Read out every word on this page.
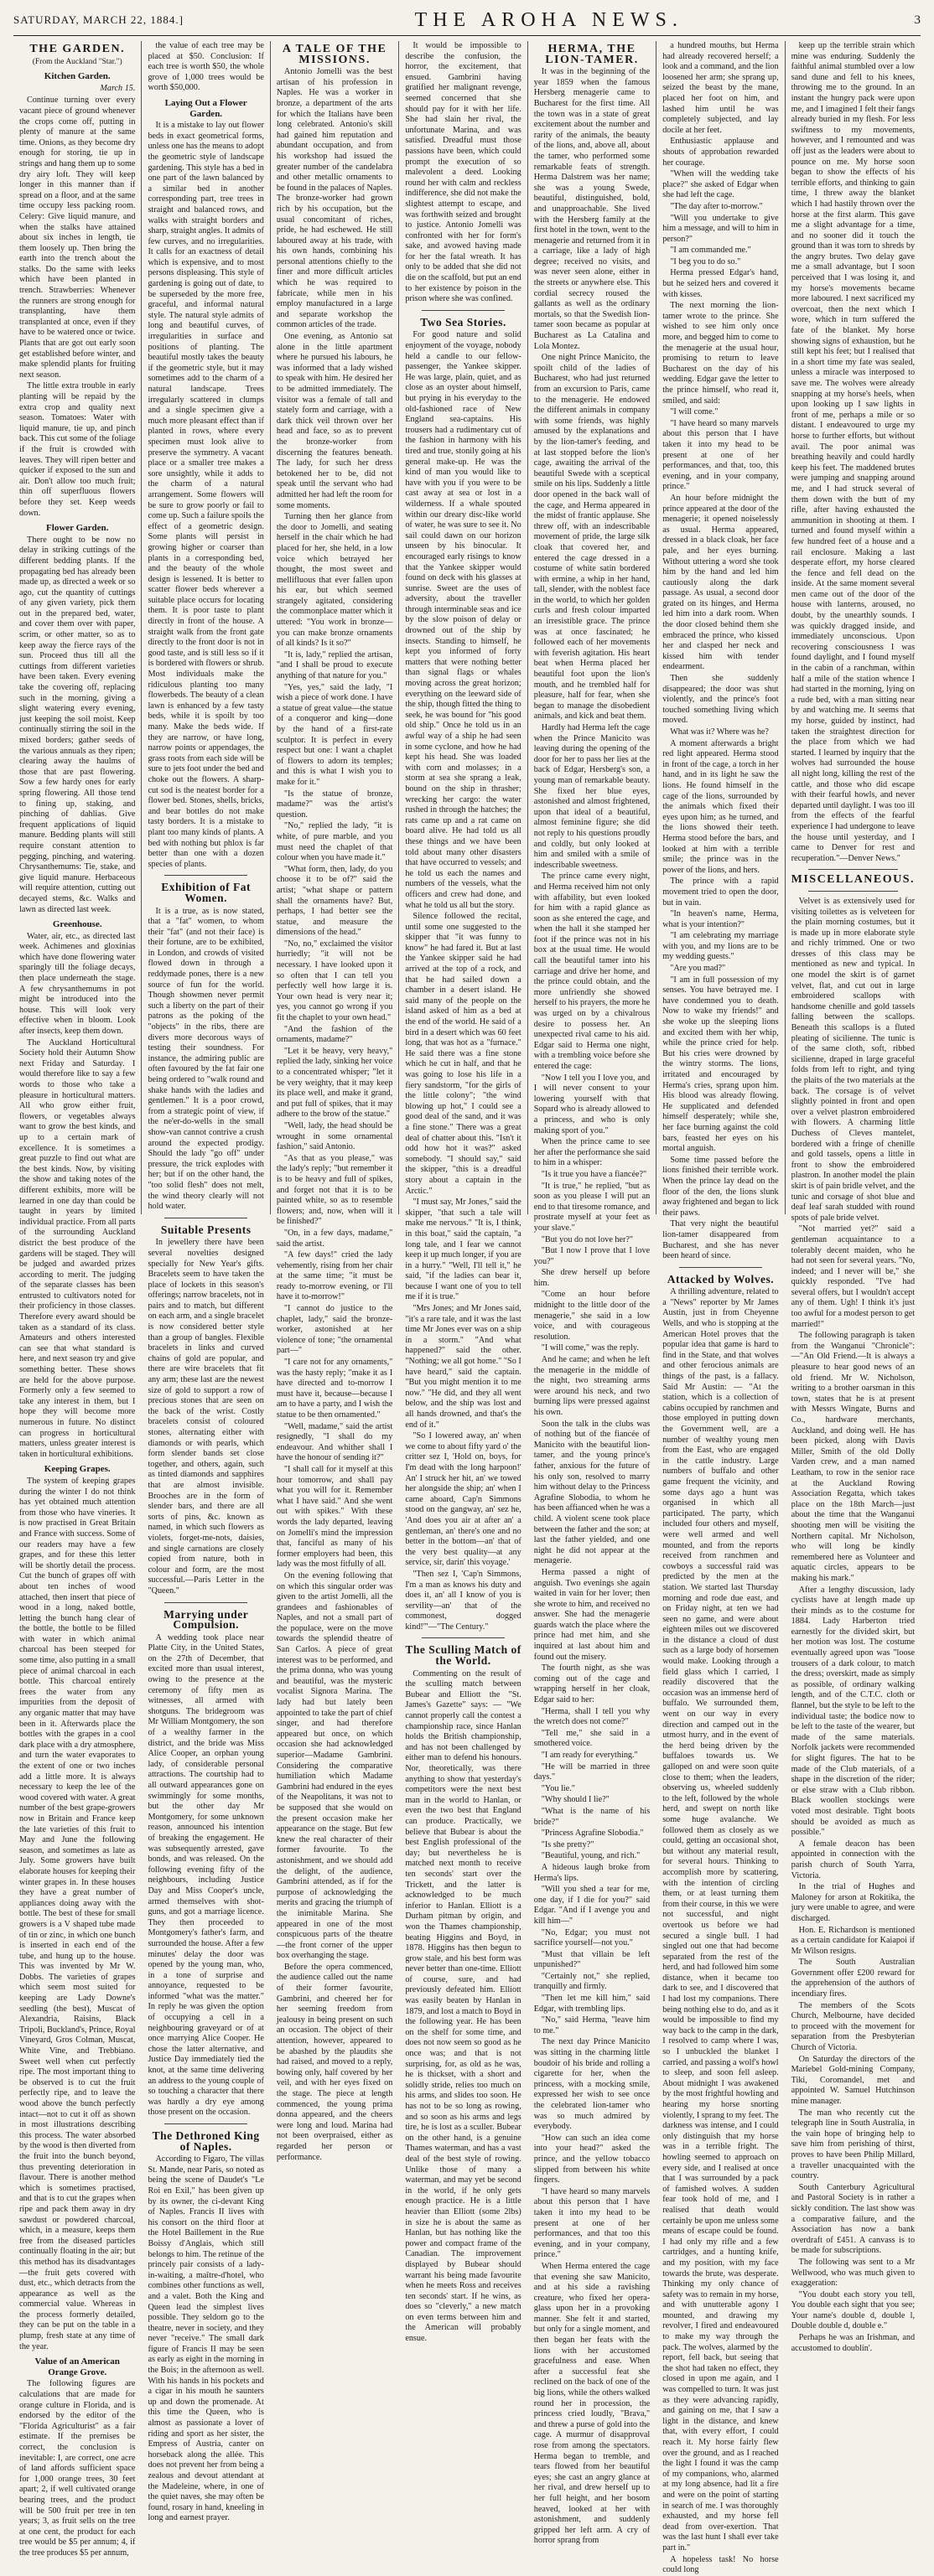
SATURDAY, MARCH 22, 1884.]	THE AROHA NEWS.	3
THE GARDEN.
(From the Auckland "Star.")
Kitchen Garden.
March 15.

Continue turning over every vacant piece of ground whenever the crops come off, putting in plenty of manure at the same time. Onions, as they become dry enough for storing, tie up in strings and hang them up to some dry airy loft. They will keep longer in this manner than if spread on a floor, and at the same time occupy less packing room. Celery: Give liquid manure, and when the stalks have attained about six inches in length, tie them loosely up. Then bring the earth into the trench about the stalks. Do the same with leeks which have been planted in trench. Strawberries: Whenever the runners are strong enough for transplanting, have them transplanted at once, even if they have to be watered once or twice. Plants that are got out early soon get established before winter, and make splendid plants for fruiting next season.

The little extra trouble in early planting will be repaid by the extra crop and quality next season. Tomatoes: Water with liquid manure, tie up, and pinch back. This cut some of the foliage if the fruit is crowded with leaves. They will ripen better and quicker if exposed to the sun and air. Don't allow too much fruit; thin off superfluous flowers before they set. Keep weeds down.

Flower Garden.

There ought to be now no delay in striking cuttings of the different bedding plants. If the propagating bed has already been made up, as directed a week or so ago, cut the quantity of cuttings of any given variety, pick them out in the prepared bed, water, and cover them over with paper, scrim, or other matter, so as to keep away the fierce rays of the sun. Proceed thus till all the cuttings from different varieties have been taken. Every evening take the covering off, replacing such in the morning, giving a slight watering every evening, just keeping the soil moist. Keep continually stirring the soil in the mixed borders; gather seeds of the various annuals as they ripen; clearing away the haulms of those that are past flowering. Sow a few hardy ones for early spring flowering. All those tend to fining up, staking, and pinching of dahlias. Give frequent applications of liquid manure. Bedding plants will still require constant attention to pegging, pinching, and watering. Chrysanthemums: Tie, stake, and give liquid manure. Herbaceous will require attention, cutting out decayed stems, &c. Walks and lawn as directed last week.

Greenhouse.

Water, air, etc., as directed last week. Achimenes and gloxinias which have done flowering water sparingly till the foliage decays, then place underneath the stage. A few chrysanthemums in pot might be introduced into the house. This will look very effective when in bloom. Look after insects, keep them down.

The Auckland Horticultural Society hold their Autumn Show next Friday and Saturday. I would therefore like to say a few words to those who take a pleasure in horticultural matters. All who grow either fruit, flowers, or vegetables always want to grow the best kinds, and up to a certain mark of excellence. It is sometimes a great puzzle to find out what are the best kinds. Now, by visiting the show and taking notes of the different exhibits, more will be learned in one day than could be taught in years by limited individual practice. From all parts of the surrounding Auckland district the best produce of the gardens will be staged. They will be judged and awarded prizes according to merit. The judging of the separate classes has been entrusted to cultivators noted for their proficiency in those classes. Therefore every award should be taken as a standard of its class. Amateurs and others interested can see that what standard is here, and next season try and give something better. These shows are held for the above purpose. Formerly only a few seemed to take any interest in them, but I hope they will become more numerous in future. No distinct can progress in horticultural matters, unless greater interest is taken in horticultural exhibitions.

Keeping Grapes.

The system of keeping grapes during the winter I do not think has yet obtained much attention from those who have vineries. It is now practised in Great Britain and France with success. Some of our readers may have a few grapes, and for these this letter will be shortly detail the process. Cut the bunch of grapes off with about ten inches of wood attached, then insert that piece of wood in a long, naked bottle, letting the bunch hang clear of the bottle, the bottle to be filled with water in which animal charcoal has been steeped for some time, also putting in a small piece of animal charcoal in each bottle. This charcoal entirely frees the water from any impurities from the deposit of any organic matter that may have been in it. Afterwards place the bottles with the grapes in a cool dark place with a dry atmosphere, and turn the water evaporates to the extent of one or two inches add a little more. It is always necessary to keep the lee of the wood covered with water. A great number of the best grape-growers now in Britain and France keep the late varieties of this fruit to May and June the following season, and sometimes as late as July. Some growers have built elaborate houses for keeping their winter grapes in. In these houses they have a great number of appliances doing away with the bottle. The best of these for small growers is a V shaped tube made of tin or zinc, in which one bunch is inserted in each end of the tube, and hung up to the house. This was invented by Mr W. Dobbs. The varieties of grapes which seem most suited for keeping are Lady Downe's seedling (the best), Muscat of Alexandria, Raisins, Black Tripoli, Buckland's, Prince, Royal Vineyard, Gros Colman, Muscat, White Vine, and Trebbiano. Sweet well when cut perfectly ripe. The most important thing to be observed is to cut the fruit perfectly ripe, and to leave the wood above the bunch perfectly intact—not to cut it off as shown in most illustrations describing this process. The water absorbed by the wood is then diverted from the fruit into the bunch beyond, thus preventing deterioration in flavour. There is another method which is sometimes practised, and that is to cut the grapes when ripe and pack them away in dry sawdust or powdered charcoal, which, in a measure, keeps them free from the diseased particles continually floating in the air; but this method has its disadvantages—the fruit gets covered with dust, etc., which detracts from the appearance as well as the commercial value. Whereas in the process formerly detailed, they can be put on the table in a plump, fresh state at any time of the year.

Value of an American Orange Grove.

The following figures are calculations that are made for orange culture in Florida, and is endorsed by the editor of the "Florida Agriculturist" as a fair estimate. If the premises be correct, the conclusion is inevitable: I, are correct, one acre of land affords sufficient space for 1,000 orange trees, 30 feet apart; 2, if well cultivated orange bearing trees, and the product will be 500 fruit per tree in ten years; 3, as fruit sells on the tree at one cent, the product for each tree would be $5 per annum; 4, if the tree produces $5 per annum,

the value of each tree may be placed at $50. Conclusion: If each tree is worth $50, the whole grove of 1,000 trees would be worth $50,000.

Laying Out a Flower Garden.

It is a mistake to lay out flower beds in exact geometrical forms, unless one has the means to adopt the geometric style of landscape gardening. This style has a bed in one part of the lawn balanced by a similar bed in another corresponding part, tree trees in straight and balanced rows, and walks with straight borders and sharp, straight angles. It admits of few curves, and no irregularities. It calls for an exactness of detail which is expensive, and to most persons displeasing. This style of gardening is going out of date, to be superseded by the more free, graceful, and informal natural style. The natural style admits of long and beautiful curves, of irregularities in surface and positions of planting. The beautiful mostly takes the beauty if the geometric style, but it may sometimes add to the charm of a natural landscape. Trees irregularly scattered in clumps and a single specimen give a much more pleasant effect than if planted in rows, where every specimen must look alive to preserve the symmetry. A vacant place or a smaller tree makes a sore unsightly, while it adds to the charm of a natural arrangement. Some flowers will be sure to grow poorly or fail to come up. Such a failure spoils the effect of a geometric design. Some plants will persist in growing higher or coarser than plants in a corresponding bed, and the beauty of the whole design is lessened. It is better to scatter flower beds wherever a suitable place occurs for locating them. It is poor taste to plant directly in front of the house. A straight walk from the front gate directly to the front door is not in good taste, and is still less so if it is bordered with flowers or shrub. Most individuals make the ridiculous planting too many flowerbeds. The beauty of a clean lawn is enhanced by a few tasty beds, while it is spoilt by too many. Make the beds wide. If they are narrow, or have long, narrow points or appendages, the grass roots from each side will be sure to jets foot under the bed and choke out the flowers. A sharp-cut sod is the neatest border for a flower bed. Stones, shells, bricks, and bear bottles do not make tasty borders. It is a mistake to plant too many kinds of plants. A bed with nothing but phlox is far better than one with a dozen species of plants.

Exhibition of Fat Women.

It is a true, as is now stated, that a "fat" women, to whom their "fat" (and not their face) is their fortune, are to be exhibited, in London, and crowds of visited flowed down in through a reddymade pones, there is a new source of fun for the world. Though showmen never permit such a liberty on the part of their patrons as the poking of the "objects" in the ribs, there are divers more decorous ways of testing their soundness. For instance, the admiring public are often favoured by the fat fair one being ordered to "walk round and shake hands with the ladies and gentlemen." It is a poor crowd, from a strategic point of view, if the ne'er-do-wells in the small show-van cannot contrive a crush around the expected prodigy. Should the lady "go off" under pressure, the trick explodes with her; but if on the other hand, the "too solid flesh" does not melt, the wind theory clearly will not hold water.

Suitable Presents

In jewellery there have been several novelties designed specially for New Year's gifts. Bracelets seem to have taken the place of lockets in this season's offerings; narrow bracelets, not in pairs and to match, but different on each arm, and a single bracelet is now considered better style than a group of bangles. Flexible bracelets in links and curved chains of gold are popular, and there are wire bracelets that fit any arm; these last are the newest size of gold to support a row of precious stones that are seen on the back of the wrist. Costly bracelets consist of coloured stones, alternating either with diamonds or with pearls, which form slender bands set close together, and others, again, such as tinted diamonds and sapphires that are almost invisible. Brooches are in the form of slender bars, and there are all sorts of pins, &c. known as named, in which such flowers as violets, forget-me-nots, daisies, and single carnations are closely copied from nature, both in colour and form, are the most successful.—Paris Letter in the "Queen."

Marrying under Compulsion.

A wedding took place near Platte City, in the United States, on the 27th of December, that excited more than usual interest, owing to the presence at the ceremony of fifty men as witnesses, all armed with shotguns. The bridegroom was Mr William Montgomery, the son of a wealthy farmer in the district, and the bride was Miss Alice Cooper, an orphan young lady, of considerable personal attractions. The courtship had to all outward appearances gone on swimmingly for some months, but the other day Mr Montgomery, for some unknown reason, announced his intention of breaking the engagement. He was subsequently arrested, gave bonds, and was released. On the following evening fifty of the neighbours, including Justice Day and Miss Cooper's uncle, armed themselves with shot-guns, and got a marriage licence. They then proceeded to Montgomery's father's farm, and surrounded the house. After a few minutes' delay the door was opened by the young man, who, in a tone of surprise and annoyance, requested to be informed "what was the matter." In reply he was given the option of occupying a cell in a neighbouring graveyard or of at once marrying Alice Cooper. He chose the latter alternative, and Justice Day immediately tied the knot, at the same time delivering an address to the young couple of so touching a character that there was hardly a dry eye among those present on the occasion.

The Dethroned King of Naples.

According to Figaro, The villas St. Mande, near Paris, so noted as being the scene of Daudet's "Le Roi en Exil," has been given up by its owner, the ci-devant King of Naples. Francis II lives with his consort on the third floor at the Hotel Baillement in the Rue Boissy d'Anglais, which still belongs to him. The retinue of the princely pair consists of a lady-in-waiting, a maître-d'hotel, who combines other functions as well, and a valet. Both the King and Queen lead the simplest lives possible. They seldom go to the theatre, never in society, and they never "receive." The small dark figure of Francis II may be seen as early as eight in the morning in the Bois; in the afternoon as well. With his hands in his pockets and a cigar in his mouth he saunters up and down the promenade. At this time the Queen, who is almost as passionate a lover of riding and sport as her sister, the Empress of Austria, canter on horseback along the allée. This does not prevent her from being a zealous and devout attendant at the Madeleine, where, in one of the quiet naves, she may often be found, rosary in hand, kneeling in long and earnest prayer.

A TALE OF THE MISSIONS.

Antonio Jomelli was the best artisan of his profession in Naples. He was a worker in bronze, a department of the arts for which the Italians have been long celebrated. Antonio's skill had gained him reputation and abundant occupation, and from his workshop had issued the greater number of the candelabra and other metallic ornaments to be found in the palaces of Naples. The bronze-worker had grown rich by his occupation, but the usual concomitant of riches, pride, he had eschewed. He still laboured away at his trade, with his own hands, combining his personal attentions chiefly to the finer and more difficult articles which he was required to fabricate, while men in his employ manufactured in a large and separate workshop the common articles of the trade.

One evening, as Antonio sat alone in the little apartment where he pursued his labours, he was informed that a lady wished to speak with him. He desired her to be admitted immediately. The visitor was a female of tall and stately form and carriage, with a dark thick veil thrown over her head and face, so as to prevent the bronze-worker from discerning the features beneath. The lady, for such her dress betokened her to be, did not speak until the servant who had admitted her had left the room for some moments.

Turning then her glance from the door to Jomelli, and seating herself in the chair which he had placed for her, she held, in a low voice which betrayed her thought, the most sweet and mellifluous that ever fallen upon his ear, but which seemed strangely agitated, considering the commonplace matter which it uttered: "You work in bronze—you can make bronze ornaments of all kinds? Is it so?"

"It is, lady," replied the artisan, "and I shall be proud to execute anything of that nature for you."

"Yes, yes," said the lady, "I wish a piece of work done. I have a statue of great value—the statue of a conqueror and king—done by the hand of a first-rate sculptor. It is perfect in every respect but one: I want a chaplet of flowers to adorn its temples; and this is what I wish you to make for it."

"Is the statue of bronze, madame?" was the artist's question.

"No," replied the lady, "it is white, of pure marble, and you must need the chaplet of that colour when you have made it."

"What form, then, lady, do you choose it to be of?" said the artist; "what shape or pattern shall the ornaments have? But, perhaps, I had better see the statue, and measure the dimensions of the head."

"No, no," exclaimed the visitor hurriedly; "it will not be necessary. I have looked upon it so often that I can tell you perfectly well how large it is. Your own head is very near it; yes, you cannot go wrong if you fit the chaplet to your own head."

"And the fashion of the ornaments, madame?"

"Let it be heavy, very heavy," replied the lady, sinking her voice to a concentrated whisper; "let it be very weighty, that it may keep its place well, and make it grand, and put full of spikes, that it may adhere to the brow of the statue."

"Well, lady, the head should be wrought in some ornamental fashion," said Antonio.

"As that as you please," was the lady's reply; "but remember it is to be heavy and full of spikes, and forget not that it is to be painted white, so as to resemble flowers; and, now, when will it be finished?"

"On, in a few days, madame," said the artist.

"A few days!" cried the lady vehemently, rising from her chair at the same time; "it must be ready to-morrow evening, or I'll have it to-morrow!"

"I cannot do justice to the chaplet, lady," said the bronze-worker, astonished at her violence of tone; "the ornamental part—"

"I care not for any ornaments," was the hasty reply; "make it as I have directed and to-morrow I must have it, because—because I am to have a party, and I wish the statue to be then ornamented."

"Well, madame," said the artist resignedly, "I shall do my endeavour. And whither shall I have the honour of sending it?"

"I shall call for it myself at this hour tomorrow, and shall pay what you will for it. Remember what I have said." And she went out with spikes." With these words the lady departed, leaving on Jomelli's mind the impression that, fanciful as many of his former employers had been, this lady was the most fitfully of all.

On the evening following that on which this singular order was given to the artist Jomelli, all the grandees and fashionables of Naples, and not a small part of the populace, were on the move towards the splendid theatre of San Carlos. A piece of great interest was to be performed, and the prima donna, who was young and beautiful, was the mysteric vocalist Signora Marina. The lady had but lately been appointed to take the part of chief singer, and had therefore appeared but once, on which occasion she had acknowledged superior—Madame Gambrini. Considering the comparative humiliation which Madame Gambrini had endured in the eyes of the Neapolitans, it was not to be supposed that she would on the present occasion make her appearance on the stage. But few knew the real character of their former favourite. To the astonishment, and we should add the delight, of the audience, Gambrini attended, as if for the purpose of acknowledging the merits and gracing the triumph of the inimitable Marina. She appeared in one of the most conspicuous parts of the theatre—the front corner of the upper box overhanging the stage.

Before the opera commenced, the audience called out the name of their former favourite, Gambrini, and cheered her for her seeming freedom from jealousy in being present on such an occasion. The object of their attention, however, appeared to be abashed by the plaudits she had raised, and moved to a reply, bowing only, half covered by her veil, and with her eyes fixed on the stage. The piece at length commenced, the young prima donna appeared, and the cheers were long and loud. Marina had not been overpraised, either as regarded her person or performance.

It would be impossible to describe the confusion, the horror, the excitement, that ensued. Gambrini having gratified her malignant revenge, seemed concerned that she should pay for it with her life. She had slain her rival, the unfortunate Marina, and was satisfied. Dreadful must those passions have been, which could prompt the execution of so malevolent a deed. Looking round her with calm and reckless indifference, she did not make the slightest attempt to escape, and was forthwith seized and brought to justice. Antonio Jomelli was confronted with her for form's sake, and avowed having made for her the fatal wreath. It has only to be added that she did not die on the scaffold, but put an end to her existence by poison in the prison where she was confined.

Two Sea Stories.

For good nature and solid enjoyment of the voyage, nobody held a candle to our fellow-passenger, the Yankee skipper. He was large, plain, quiet, and as close as an oyster about himself, but prying in his everyday to the old-fashioned race of New England sea-captains. His trousers had a rudimentary cut of the fashion in harmony with his tired and true, stonily going at his general make-up. He was the kind of man you would like to have with you if you were to be cast away at sea or lost in a wilderness. If a whale spouted within our dreary disc-like world of water, he was sure to see it. No sail could dawn on our horizon unseen by his binocular. It encouraged early risings to know that the Yankee skipper would found on deck with his glasses at sunrise. Sweet are the uses of adversity, about the traveller through interminable seas and ice by the slow poison of delay or drowned out of the ship by insects. Standing to himself, he kept you informed of forty matters that were nothing better than signal flags or whales moving across the great horizon; everything on the leeward side of the ship, though fitted the thing to seek, he was bound for "his good old ship." Once he told us in an awful way of a ship he had seen in some cyclone, and how he had kept his head. She was loaded with corn and molasses; in a storm at sea she sprang a leak, bound on the ship in thrasher; wrecking her cargo: the water rushed in through the hatches; the rats came up and a rat came on board alive. He had told us all these things and we have been told about many other disasters that have occurred to vessels; and he told us each the names and numbers of the vessels, what the officers and crew had done, and what he told us all but the story.

Silence followed the recital, until some one suggested to the skipper that "it was funny to know" he had fared it. But at last the Yankee skipper said he had arrived at the top of a rock, and that he had sailed down a chamber in a desert island. He said many of the people on the island asked of him as a bed at the end of the world. He said of a bird in a desert which was 60 feet long, that was hot as a "furnace." He said there was a fine stone which he cut in half, and that he was going to lose his life in a fiery sandstorm, "for the girls of the little colony"; "the wind blowing up hot," I could see a good deal of the sand, and it was a fine stone." There was a great deal of chatter about this. "Isn't it odd how hot it was?" asked somebody. "I should say," said the skipper, "this is a dreadful story about a captain in the Arctic."

"I must say, Mr Jones," said the skipper, "that such a tale will make me nervous." "It is, I think, in this boat," said the captain, "a long tale, and I fear we cannot keep it up much longer, if you are in a hurry." "Well, I'll tell it," he said, "if the ladies can bear it, because I want one of you to tell me if it is true."

"Mrs Jones; and Mr Jones said, "it's a rare tale, and it was the last time Mr Jones ever was on a ship in a storm." "And what happened?" said the other. "Nothing; we all got home." "So I have heard," said the captain. "But you might mention it to me now." "He did, and they all went below, and the ship was lost and all hands drowned, and that's the end of it."

"So I lowered away, an' when we come to about fifty yard o' the critter sez I, 'Hold on, boys, for I'm dead with the long harpoon!' An' I struck her hit, an' we towed her alongside the ship; an' when I came aboard, Cap'n Simmons stood on the gangway, an' sez he, 'And does you air at after an' a gentleman, an' there's one and no better in the bottom—an' that of the very best quality—at any service, sir, darin' this voyage.'

"Then sez I, 'Cap'n Simmons, I'm a man as knows his duty and does it, an' all I know of you is servility—an' that of the commonest, dogged kind!'"—"The Century."

The Sculling Match of the World.

Commenting on the result of the sculling match between Bubear and Elliott the "St. James's Gazette" says: — "We cannot properly call the contest a championship race, since Hanlan holds the British championship, and has not been challenged by either man to defend his honours. Nor, theoretically, was there anything to show that yesterday's competitors were the next best man in the world to Hanlan, or even the two best that England can produce. Practically, we believe that Bubear is about the best English professional of the day; but nevertheless he is matched next month to receive ten seconds' start over the Trickett, and the latter is acknowledged to be much inferior to Hanlan. Elliott is a Durham pitman by origin, and won the Thames championship, beating Higgins and Boyd, in 1878. Higgins has then begun to grow stale, and his best form was never better than one-time. Elliott of course, sure, and had previously defeated him. Elliott was easily beaten by Hanlan in 1879, and lost a match to Boyd in the following year. He has been on the shelf for some time, and does not now seem so good as he once was; and that is not surprising, for, as old as he was, he is thickset, with a short and solidly stride, relies too much on his arms, and slides too soon. He has not to be so long as rowing, and so soon as his arms and legs tire, he is lost as a sculler. Bubear on the other hand, is a genuine Thames waterman, and has a vast deal of the best style of rowing. Unlike those of many a waterman, and may yet be second in the world, if he only gets enough practice. He is a little heavier than Elliott (some 2lbs) in size he is about the same as Hanlan, but has nothing like the power and compact frame of the Canadian. The improvement displayed by Bubear should warrant his being made favourite when he meets Ross and receives ten seconds' start. If he wins, as does so "cleverly," a new match on even terms between him and the American will probably ensue.

HERMA, THE LION-TAMER.

It was in the beginning of the year 1859 when the famous Hersberg menagerie came to Bucharest for the first time. All the town was in a state of great excitement about the number and rarity of the animals, the beauty of the lions, and, above all, about the tamer, who performed some remarkable feats of strength. Herma Dalstrem was her name; she was a young Swede, beautiful, distinguished, bold, and unapproachable. She lived with the Hersberg family at the first hotel in the town, went to the menagerie and returned from it in a carriage, like a lady of high degree; received no visits, and was never seen alone, either in the streets or anywhere else. This cordial secrecy roused the gallants as well as the ordinary mortals, so that the Swedish lion-tamer soon became as popular at Bucharest as La Catalina and Lola Montez.

One night Prince Manicito, the spoilt child of the ladies of Bucharest, who had just returned from an excursion to Paris, came to the menagerie. He endowed the different animals in company with some friends, was highly amused by the explanations and by the lion-tamer's feeding, and at last stopped before the lion's cage, awaiting the arrival of the beautiful Swede with a sceptical smile on his lips. Suddenly a little door opened in the back wall of the cage, and Herma appeared in the midst of frantic applause. She threw off, with an indescribable movement of pride, the large silk cloak that covered her, and entered the cage dressed in a costume of white satin bordered with ermine, a whip in her hand, tall, slender, with the noblest face in the world, to which her golden curls and fresh colour imparted an irresistible grace. The prince was at once fascinated; he followed each of her movements with feverish agitation. His heart beat when Herma placed her beautiful foot upon the lion's mouth, and he trembled half for pleasure, half for fear, when she began to manage the disobedient animals, and kick and beat them.

Hardly had Herma left the cage when the Prince Manicito was leaving during the opening of the door for her to pass her lies at the back of Edgar, Hersberg's son, a young man of remarkable beauty. She fixed her blue eyes, astonished and almost frightened, upon that ideal of a beautiful, almost feminine figure; she did not reply to his questions proudly and coldly, but only looked at him and smiled with a smile of indescribable sweetness.

The prince came every night, and Herma received him not only with affability, but even looked for him with a rapid glance as soon as she entered the cage, and when the hall it she stamped her foot if the prince was not in his box at the usual time. He would call the beautiful tamer into his carriage and drive her home, and the prince could obtain, and the more unfriendly she showed herself to his prayers, the more he was urged on by a chivalrous desire to possess her. An unexpected rival came to his aid. Edgar said to Herma one night, with a trembling voice before she entered the cage:

"Now I tell you I love you, and I will never consent to your lowering yourself with that Sopard who is already allowed to a princess, and who is only making sport of you."

When the prince came to see her after the performance she said to him in a whisper:

"Is it true you have a fiancée?"

"It is true," he replied, "but as soon as you please I will put an end to that tiresome romance, and prostrate myself at your feet as your slave."

"But you do not love her?"

"But I now I prove that I love you?"

She drew herself up before him.

"Come an hour before midnight to the little door of the menagerie," she said in a low voice, and with courageous resolution.

"I will come," was the reply.

And he came; and when he left the menagerie in the middle of the night, two streaming arms were around his neck, and two burning lips were pressed against his own.

Soon the talk in the clubs was of nothing but of the fiancée of Manicito with the beautiful lion-tamer, and the young prince's father, anxious for the future of his only son, resolved to marry him without delay to the Princess Agrafine Slobodia, to whom he has been affianced when he was a child. A violent scene took place between the father and the son; at last the father yielded, and one night he did not appear at the menagerie.

Herma passed a night of anguish. Two evenings she again waited in vain for her lover; then she wrote to him, and received no answer. She had the menagerie guards watch the place where the prince had met him, and she inquired at last about him and found out the misery.

The fourth night, as she was coming out of the cage and wrapping herself in her cloak, Edgar said to her:

"Herma, shall I tell you why the wretch does not come?"

"Tell me," she said in a smothered voice.

"I am ready for everything."

"He will be married in three days."

"You lie."

"Why should I lie?"

"What is the name of his bride?"

"Princess Agrafine Slobodia."

"Is she pretty?"

"Beautiful, young, and rich."

A hideous laugh broke from Herma's lips.

"Will you shed a tear for me, one day, if I die for you?" said Edgar. "And if I avenge you and kill him—"

"No, Edgar; you must not sacrifice yourself—not you."

"Must that villain be left unpunished?"

"Certainly not," she replied, tranquilly and firmly.

"Then let me kill him," said Edgar, with trembling lips.

"No," said Herma, "leave him to me."

The next day Prince Manicito was sitting in the charming little boudoir of his bride and rolling a cigarette for her, when the princess, with a mocking smile, expressed her wish to see once the celebrated lion-tamer who was so much admired by everybody.

"How can such an idea come into your head?" asked the prince, and the yellow tobacco slipped from between his white fingers.

"I have heard so many marvels about this person that I have taken it into my head to be present at one of her performances, and that too this evening, and in your company, prince."

When Herma entered the cage that evening she saw Manicito, and at his side a ravishing creature, who fixed her opera-glass upon her in a provoking manner. She felt it and started, but only for a single moment, and then began her feats with the lions with her accustomed gracefulness and ease. When after a successful feat she reclined on the back of one of the big lions, while the others walked round her in procession, the princess cried loudly, "Brava," and threw a purse of gold into the cage. A murmur of disapproval rose from among the spectators. Herma began to tremble, and tears flowed from her beautiful eyes; she cast an angry glance at her rival, and drew herself up to her full height, and her bosom heaved, looked at her with astonishment, and suddenly gripped her left arm. A cry of horror sprang from

a hundred mouths, but Herma had already recovered herself; a look and a command, and the lion loosened her arm; she sprang up, seized the beast by the mane, placed her foot on him, and lashed him until he was completely subjected, and lay docile at her feet.

Enthusiastic applause and shouts of approbation rewarded her courage.

"When will the wedding take place?" she asked of Edgar when she had left the cage.

"The day after to-morrow."

"Will you undertake to give him a message, and will to him in person?"

"I am commanded me."

"I beg you to do so."

Herma pressed Edgar's hand, but he seized hers and covered it with kisses.

The next morning the lion-tamer wrote to the prince. She wished to see him only once more, and begged him to come to the menagerie at the usual hour, promising to return to leave Bucharest on the day of his wedding. Edgar gave the letter to the prince himself, who read it, smiled, and said:

"I will come."

"I have heard so many marvels about this person that I have taken it into my head to be present at one of her performances, and that, too, this evening, and in your company, prince."

An hour before midnight the prince appeared at the door of the menagerie; it opened noiselessly as usual. Herma appeared, dressed in a black cloak, her face pale, and her eyes burning. Without uttering a word she took him by the hand and led him cautiously along the dark passage. As usual, a second door grated on its hinges, and Herma led him into a dark room. When the door closed behind them she embraced the prince, who kissed her and clasped her neck and kissed him with tender endearment.

Then she suddenly disappeared; the door was shut violently, and the prince's foot touched something living which moved.

What was it? Where was he?

A moment afterwards a bright red light appeared. Herma stood in front of the cage, a torch in her hand, and in its light he saw the lions. He found himself in the cage of the lions, surrounded by the animals which fixed their eyes upon him; as he turned, and the lions showed their teeth. Herma stood before the bars, and looked at him with a terrible smile; the prince was in the power of the lions, and hers.

The prince with a rapid movement tried to open the door, but in vain.

"In heaven's name, Herma, what is your intention?"

"I am celebrating my marriage with you, and my lions are to be my wedding guests."

"Are you mad?"

"I am in full possession of my senses. You have betrayed me. I have condemned you to death. Now to wake my friends!" and she woke up the sleeping lions and excited them with her whip, while the prince cried for help. But his cries were drowned by the wintry storms. The lions, irritated and encouraged by Herma's cries, sprang upon him. His blood was already flowing. He supplicated and defended himself desperately; while she, her face burning against the cold bars, feasted her eyes on his mortal anguish.

Some time passed before the lions finished their terrible work. When the prince lay dead on the floor of the den, the lions slunk away frightened and began to lick their paws.

That very night the beautiful lion-tamer disappeared from Bucharest, and she has never been heard of since.

Attacked by Wolves.

A thrilling adventure, related to a "News" reporter by Mr James Austin, just in from Cheyenne Wells, and who is stopping at the American Hotel proves that the popular idea that game is hard to find in the State, and that wolves and other ferocious animals are things of the past, is a fallacy. Said Mr Austin: — "At the station, which is a collection of cabins occupied by ranchmen and those employed in putting down the Government well, are a number of wealthy young men from the East, who are engaged in the cattle industry. Large numbers of buffalo and other game frequent the vicinity, and some days ago a hunt was organised in which all participated. The party, which included four others and myself, were well armed and well mounted, and from the reports received from ranchmen and cowboys a successful raid was predicted by the men at the station. We started last Thursday morning and rode due east, and on Friday night, at ten we had seen no game, and were about eighteen miles out we discovered in the distance a cloud of dust such as a large body of horsemen would make. Looking through a field glass which I carried, I readily discovered that the occasion was an immense herd of buffalo. We surrounded them, went on our way in every direction and camped out in the utmost hurry, and in the event of the herd being driven by the buffaloes towards us. We galloped on and were soon quite close to them; when the leaders, observing us, wheeled suddenly to the left, followed by the whole herd, and swept on north like some huge avalanche. We followed them as closely as we could, getting an occasional shot, but without any material result, for several hours. Thinking to accomplish more by scattering, with the intention of circling them, or at least turning them from their course, in this we were not successful, and night overtook us before we had secured a single bull. I had singled out one that had become separated from the rest of the herd, and had followed him some distance, when it became too dark to see, and I discovered that I had lost my companions. There being nothing else to do, and as it would be impossible to find my way back to the camp in the dark, I resolved to camp where I was, so I unbuckled the blanket I carried, and passing a wolf's howl to sleep, and soon fell asleep. About midnight I was awakened by the most frightful howling and hearing my horse snorting violently, I sprang to my feet. The darkness was intense, and I could only distinguish that my horse was in a terrible fright. The howling seemed to approach on every side, and I realised at once that I was surrounded by a pack of famished wolves. A sudden fear took hold of me, and I realised that death would certainly be upon me unless some means of escape could be found. I had only my rifle and a few cartridges, and a hunting knife, and my position, with my face towards the brute, was desperate. Thinking my only chance of safety was to remain in my horse, and with unutterable agony I mounted, and drawing my revolver, I fired and endeavoured to make my way through the pack. The wolves, alarmed by the report, fell back, but seeing that the shot had taken no effect, they closed in upon me again, and I was compelled to turn. It was just as they were advancing rapidly, and gaining on me, that I saw a light in the distance, and knew that, with every effort, I could reach it. My horse fairly flew over the ground, and as I reached the light I found it was the camp of my companions, who, alarmed at my long absence, had lit a fire and were on the point of starting in search of me. I was thoroughly exhausted, and my horse fell dead from over-exertion. That was the last hunt I shall ever take part in."

A hopeless task! No horse could long

keep up the terrible strain which mine was enduring. Suddenly the faithful animal stumbled over a low sand dune and fell to his knees, throwing me to the ground. In an instant the hungry pack were upon me, and I imagined I felt their fangs already buried in my flesh. For less swiftness to my movements, however, and I remounted and was off just as the leaders were about to pounce on me. My horse soon began to show the effects of his terrible efforts, and thinking to gain time, I threw away the blanket which I had hastily thrown over the horse at the first alarm. This gave me a slight advantage for a time, and no sooner did it touch the ground than it was torn to shreds by the angry brutes. Two delay gave me a small advantage, but I soon perceived that I was losing it, and my horse's movements became more laboured. I next sacrificed my overcoat, then the next which I wore, which in turn suffered the fate of the blanket. My horse showing signs of exhaustion, but he still kept his feet; but I realised that in a short time my fate was sealed, unless a miracle was interposed to save me. The wolves were already snapping at my horse's heels, when upon looking up I saw lights in front of me, perhaps a mile or so distant. I endeavoured to urge my horse to further efforts, but without avail. The poor animal was breathing heavily and could hardly keep his feet. The maddened brutes were jumping and snapping around me, and I had struck several of them down with the butt of my rifle, after having exhausted the ammunition in shooting at them. I turned and found myself within a few hundred feet of a house and a rail enclosure. Making a last desperate effort, my horse cleared the fence and fell dead on the inside. At the same moment several men came out of the door of the house with lanterns, aroused, no doubt, by the unearthly sounds. I was quickly dragged inside, and immediately unconscious. Upon recovering consciousness I was found daylight, and I found myself in the cabin of a ranchman, within half a mile of the station whence I had started in the morning, lying on a rude bed, with a man sitting near by and watching me. It seems that my horse, guided by instinct, had taken the straightest direction for the place from which we had started. I learned by inquiry that the wolves had surrounded the house all night long, killing the rest of the cattle, and those who did escape with their fearful howls, and never departed until daylight. I was too ill from the effects of the fearful experience I had undergone to leave the house until yesterday, and I came to Denver for rest and recuperation."—Denver News."

MISCELLANEOUS.

Velvet is as extensively used for visiting toilettes as is velveteen for the plain morning costumes, but it is made up in more elaborate style and richly trimmed. One or two dresses of this class may be mentioned as new and typical. In one model the skirt is of garnet velvet, flat, and cut out in large embroidered scallops with handsome chenille and gold tassels falling between the scallops. Beneath this scallops is a fluted pleating of sicilienne. The tunic is of the same cloth, soft, ribbed sicilienne, draped in large graceful folds from left to right, and tying the plaits of the two materials at the back. The corsage is of velvet slightly pointed in front and open over a velvet plastron embroidered with flowers. A charming little Duchess of Cleves mantelet, bordered with a fringe of chenille and gold tassels, opens a little in front to show the embroidered plastron. In another model the plain skirt is of pain bridle velvet, and the tunic and corsage of shot blue and deaf leaf sarah studded with round spots of pale bride velvet.

"Not married yet?" said a gentleman acquaintance to a tolerably decent maiden, who he had not seen for several years. "No, indeed; and I never will be," she quickly responded. "I've had several offers, but I wouldn't accept any of them. Ugh! I think it's just too awful for a modest person to get married!"

The following paragraph is taken from the Wanganui "Chronicle":—"An Old Friend.—It is always a pleasure to hear good news of an old friend. Mr W. Nicholson, writing to a brother oarsman in this town, states that he is at present with Messrs Wingate, Burns and Co., hardware merchants, Auckland, and doing well. He has been picked, along with Davis Miller, Smith of the old Dolly Varden crew, and a man named Leatham, to row in the senior race at the Auckland Rowing Association Regatta, which takes place on the 18th March—just about the time that the Wanganui shooting men will be visiting the Northern capital. Mr Nicholson, who will long be kindly remembered here as Volunteer and aquatic circles, appears to be making his mark."

After a lengthy discussion, lady cyclists have at length made up their minds as to the costume for 1884. Lady Harberton tried earnestly for the divided skirt, but her motion was lost. The costume eventually agreed upon was "loose trousers of a dark colour, to match the dress; overskirt, made as simply as possible, of ordinary walking length, and of the C.T.C. cloth or flannel, but the style to be left to the individual taste; the bodice now to be left to the taste of the wearer, but made of the same materials. Norfolk jackets were recommended for slight figures. The hat to be made of the Club materials, of a shape in the discretion of the rider; or else straw with a Club ribbon. Black woollen stockings were voted most desirable. Tight boots should be avoided as much as possible."

A female deacon has been appointed in connection with the parish church of South Yarra, Victoria.

In the trial of Hughes and Maloney for arson at Rokitika, the jury were unable to agree, and were discharged.

Hon. E. Richardson is mentioned as a certain candidate for Kaiapoi if Mr Wilson resigns.

The South Australian Government offer £200 reward for the apprehension of the authors of incendiary fires.

The members of the Scots Church, Melbourne, have decided to proceed with the movement for separation from the Presbyterian Church of Victoria.

On Saturday the directors of the Mariebel Gold-mining Company, Tiki, Coromandel, met and appointed W. Samuel Hutchinson mine manager.

The man who recently cut the telegraph line in South Australia, in the vain hope of bringing help to save him from perishing of thirst, proves to have been Philip Millard, a traveller unacquainted with the country.

South Canterbury Agricultural and Pastoral Society is in rather a sickly condition. The last show was a comparative failure, and the Association has now a bank overdraft of £451. A canvass is to be made for subscriptions.

The following was sent to a Mr Wellwood, who was much given to exaggeration:

"You doubt each story you tell, You double each sight that you see; Your name's double d, double l, Double double d, double e."

Perhaps he was an Irishman, and accustomed to doublin'.
